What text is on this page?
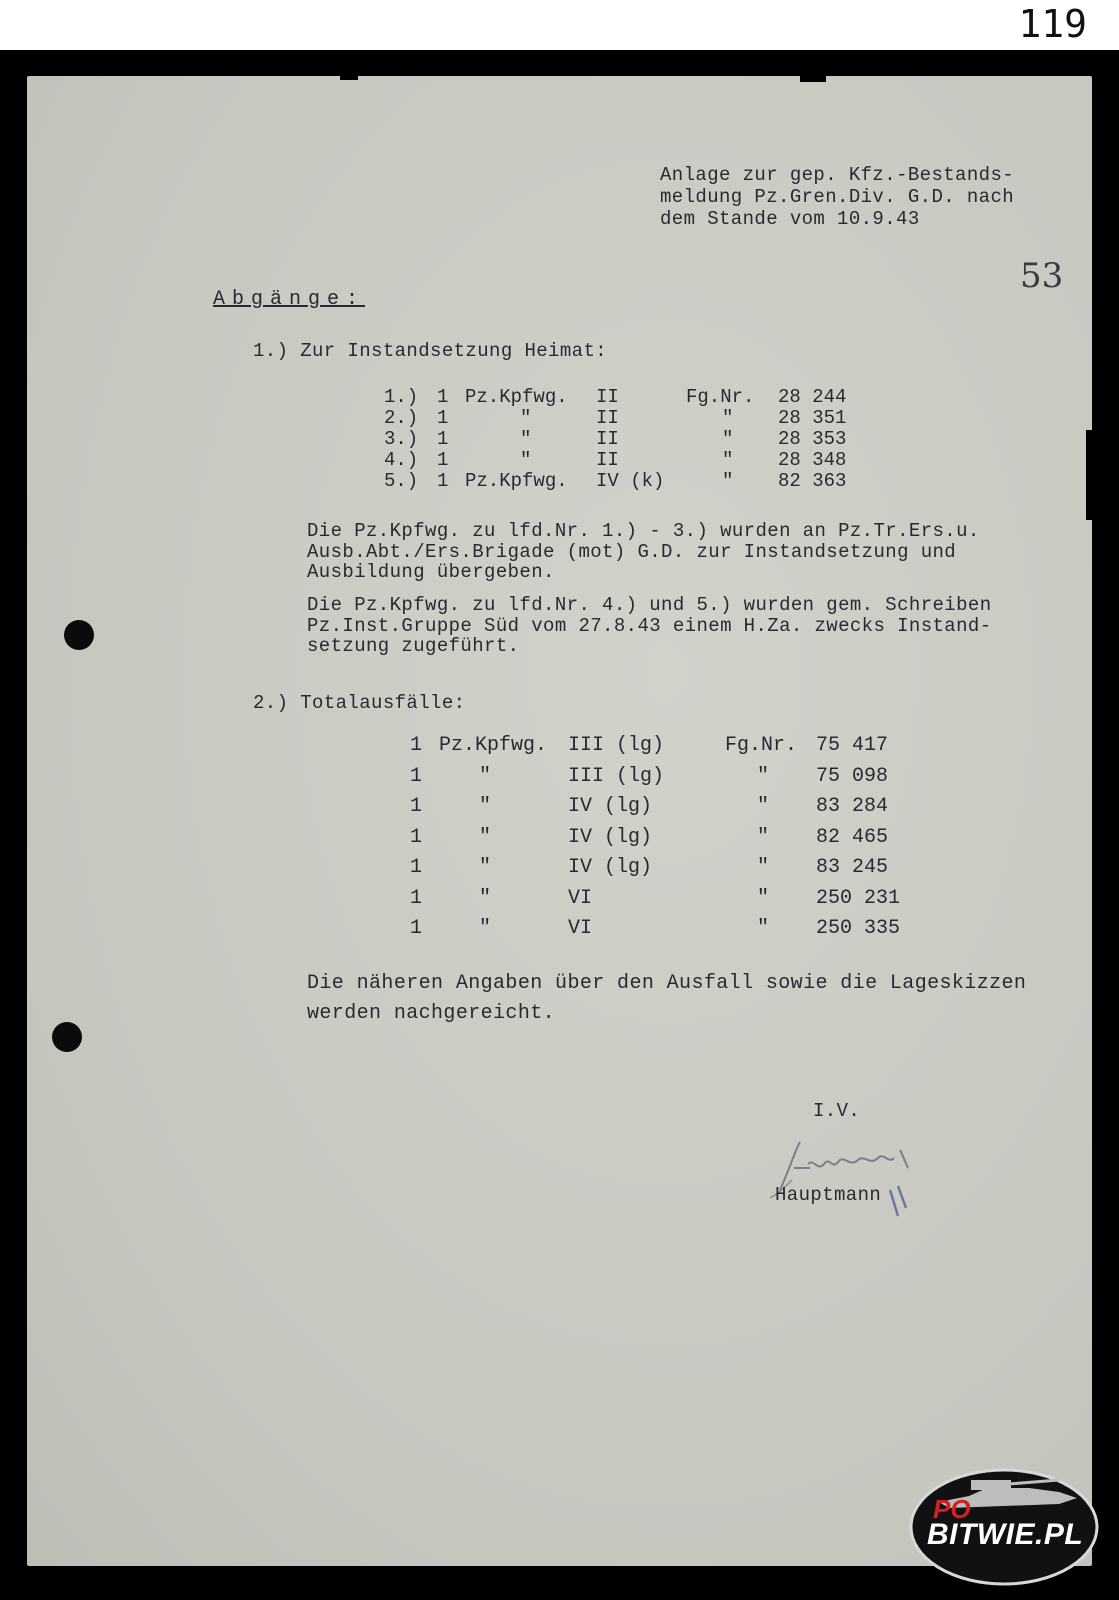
119
Anlage zur gep. Kfz.-Bestands-
meldung Pz.Gren.Div. G.D. nach
dem Stande vom 10.9.43
53
Abgänge:
1.) Zur Instandsetzung Heimat:
1.) 1 Pz.Kpfwg. II	Fg.Nr. 28 244
2.) 1	"	II	" 28 351
3.) 1	"	II	" 28 353
4.) 1	"	II	" 28 348
5.) 1 Pz.Kpfwg. IV (k)	" 82 363
Die Pz.Kpfwg. zu lfd.Nr. 1.) - 3.) wurden an Pz.Tr.Ers.u.
Ausb.Abt./Ers.Brigade (mot) G.D. zur Instandsetzung und
Ausbildung übergeben.
Die Pz.Kpfwg. zu lfd.Nr. 4.) und 5.) wurden gem. Schreiben
Pz.Inst.Gruppe Süd vom 27.8.43 einem H.Za. zwecks Instand-
setzung zugeführt.
2.) Totalausfälle:
1 Pz.Kpfwg. III (lg)	Fg.Nr. 75 417
1	"	III (lg)	" 75 098
1	"	IV (lg)	" 83 284
1	"	IV (lg)	" 82 465
1	"	IV (lg)	" 83 245
1	"	VI	" 250 231
1	"	VI	" 250 335
Die näheren Angaben über den Ausfall sowie die Lageskizzen
werden nachgereicht.
I.V.
Hauptmann
PO
BITWIE.PL
